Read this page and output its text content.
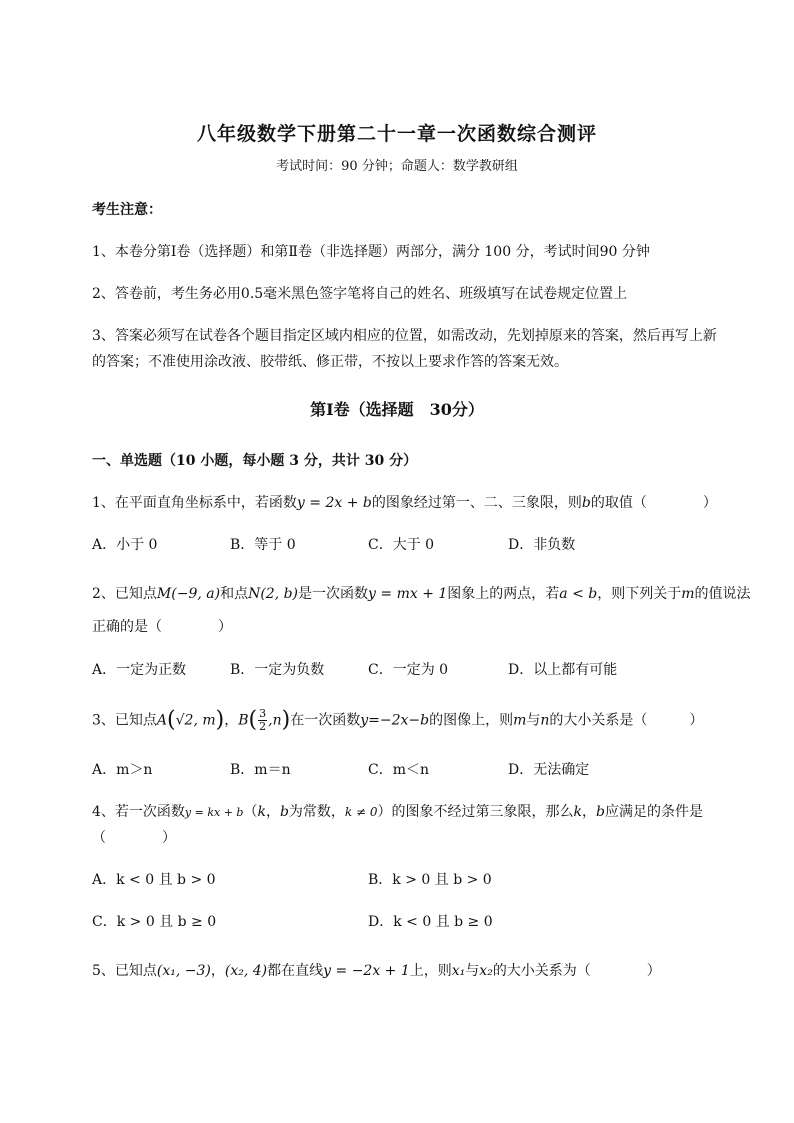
八年级数学下册第二十一章一次函数综合测评
考试时间：90 分钟；命题人：数学教研组
考生注意：
1、本卷分第Ⅰ卷（选择题）和第Ⅱ卷（非选择题）两部分，满分 100 分，考试时间90 分钟
2、答卷前，考生务必用0.5毫米黑色签字笔将自己的姓名、班级填写在试卷规定位置上
3、答案必须写在试卷各个题目指定区域内相应的位置，如需改动，先划掉原来的答案，然后再写上新
的答案；不准使用涂改液、胶带纸、修正带，不按以上要求作答的答案无效。
第Ⅰ卷（选择题　30分）
一、单选题（10 小题，每小题 3 分，共计 30 分）
1、在平面直角坐标系中，若函数y = 2x + b的图象经过第一、二、三象限，则b的取值（　　　　）
A．小于 0	B．等于 0	C．大于 0	D．非负数
2、已知点M(−9, a)和点N(2, b)是一次函数y = mx + 1图象上的两点，若a < b，则下列关于m的值说法
正确的是（　　　　）
A．一定为正数	B．一定为负数	C．一定为 0	D．以上都有可能
3、已知点A(√2, m)，$B( \frac{3}{2} ,n)$在一次函数y=−2x−b的图像上，则m与n的大小关系是（　　　）
A．m＞n	B．m＝n	C．m＜n	D．无法确定
4、若一次函数y = kx + b（k，b为常数，k ≠ 0）的图象不经过第三象限，那么k，b应满足的条件是
（　　　　）
A．k < 0 且 b > 0	B．k > 0 且 b > 0
C．k > 0 且 b ≥ 0	D．k < 0 且 b ≥ 0
5、已知点(x₁, −3)，(x₂, 4)都在直线y = −2x + 1上，则x₁与x₂的大小关系为（　　　　）
